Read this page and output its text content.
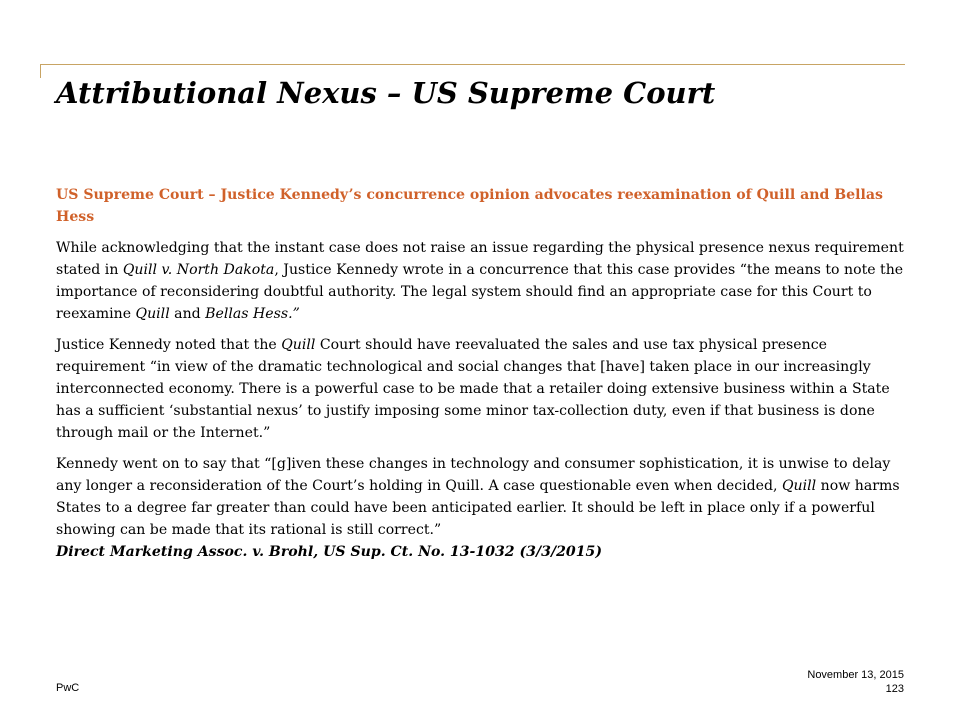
Attributional Nexus – US Supreme Court

US Supreme Court – Justice Kennedy’s concurrence opinion advocates reexamination of Quill and Bellas Hess

While acknowledging that the instant case does not raise an issue regarding the physical presence nexus requirement stated in Quill v. North Dakota, Justice Kennedy wrote in a concurrence that this case provides “the means to note the importance of reconsidering doubtful authority. The legal system should find an appropriate case for this Court to reexamine Quill and Bellas Hess.”

Justice Kennedy noted that the Quill Court should have reevaluated the sales and use tax physical presence requirement “in view of the dramatic technological and social changes that [have] taken place in our increasingly interconnected economy. There is a powerful case to be made that a retailer doing extensive business within a State has a sufficient ‘substantial nexus’ to justify imposing some minor tax-collection duty, even if that business is done through mail or the Internet.”

Kennedy went on to say that “[g]iven these changes in technology and consumer sophistication, it is unwise to delay any longer a reconsideration of the Court’s holding in Quill. A case questionable even when decided, Quill now harms States to a degree far greater than could have been anticipated earlier. It should be left in place only if a powerful showing can be made that its rational is still correct.”
Direct Marketing Assoc. v. Brohl, US Sup. Ct. No. 13-1032 (3/3/2015)

PwC
November 13, 2015
123
